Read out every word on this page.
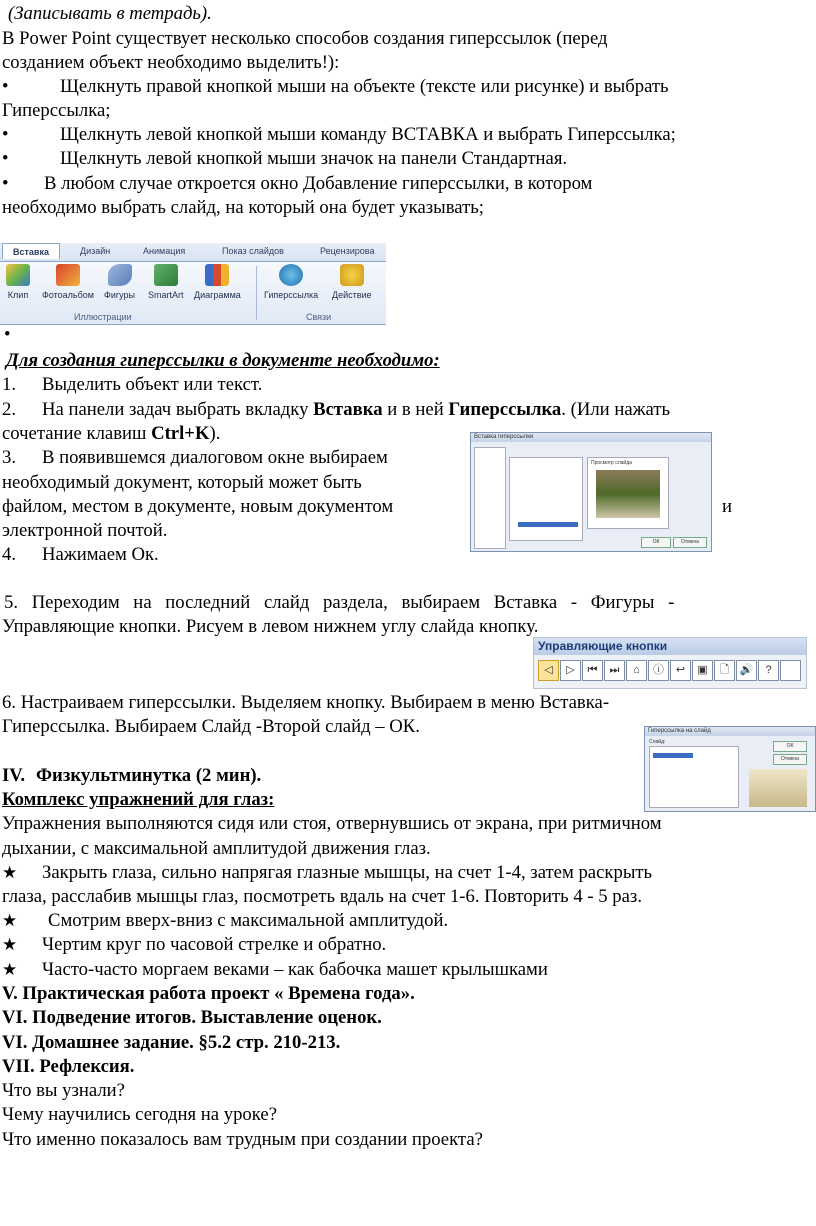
(Записывать в тетрадь).
В Power Point существует несколько способов создания гиперссылок (перед
созданием объект необходимо выделить!):
•	Щелкнуть правой кнопкой мыши на объекте (тексте или рисунке) и выбрать
Гиперссылка;
•	Щелкнуть левой кнопкой мыши команду ВСТАВКА и выбрать Гиперссылка;
•	Щелкнуть левой кнопкой мыши значок на панели Стандартная.
• В любом случае откроется окно Добавление гиперссылки, в котором
необходимо выбрать слайд, на который она будет указывать;
Вставка	Дизайн	Анимация	Показ слайдов	Рецензирова
Клип Фотоальбом Фигуры SmartArt Диаграмма	Гиперссылка Действие
Иллюстрации	Связи
•
Для создания гиперссылки в документе необходимо:
1. Выделить объект или текст.
2. На панели задач выбрать вкладку Вставка и в ней Гиперссылка. (Или нажать
сочетание клавиш Ctrl+K).
3. В появившемся диалоговом окне выбираем
необходимый документ, который может быть
файлом, местом в документе, новым документом	и
электронной почтой.
4. Нажимаем Ок.
Вставка гиперссылки
Просмотр слайда
ОК	Отмена
5. Переходим на последний слайд раздела, выбираем Вставка - Фигуры -
Управляющие кнопки. Рисуем в левом нижнем углу слайда кнопку.
Управляющие кнопки
◁	▷	⏮	⏭	⌂	ⓘ	↩	▣	🗋 🔊	?
6. Настраиваем гиперссылки. Выделяем кнопку. Выбираем в меню Вставка-
Гиперссылка. Выбираем Слайд -Второй слайд – ОК.	Гиперссылка на слайд
Слайд:
ОК
Отмена
IV. Физкультминутка (2 мин).
Комплекс упражнений для глаз:
Упражнения выполняются сидя или стоя, отвернувшись от экрана, при ритмичном
дыхании, с максимальной амплитудой движения глаз.
★ Закрыть глаза, сильно напрягая глазные мышцы, на счет 1-4, затем раскрыть
глаза, расслабив мышцы глаз, посмотреть вдаль на счет 1-6. Повторить 4 - 5 раз.
★ Смотрим вверх-вниз с максимальной амплитудой.
★ Чертим круг по часовой стрелке и обратно.
★ Часто-часто моргаем веками – как бабочка машет крылышками
V. Практическая работа проект « Времена года».
VI. Подведение итогов. Выставление оценок.
VI. Домашнее задание. §5.2 стр. 210-213.
VII. Рефлексия.
Что вы узнали?
Чему научились сегодня на уроке?
Что именно показалось вам трудным при создании проекта?
